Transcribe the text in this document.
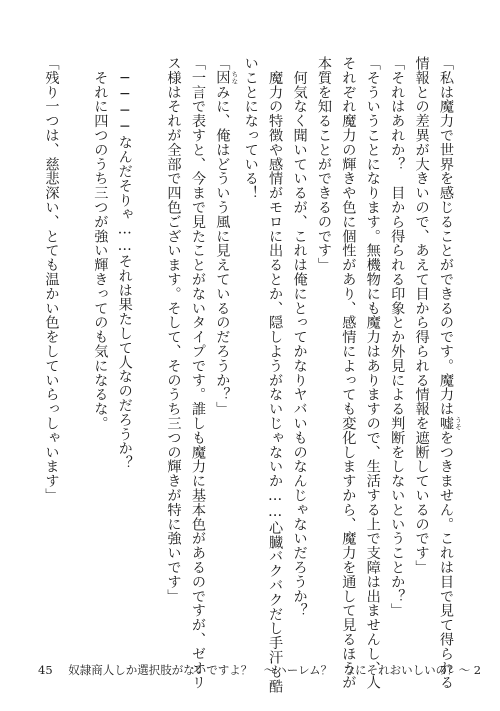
「私は魔力で世界を感じることができるのです。魔力は嘘 うそをつきません。これは目で見て得られる
情報との差異が大きいので、あえて目から得られる情報を遮断しているのです」
「それはあれか？　目から得られる印象とか外見による判断をしないということか？」
「そういうことになります。無機物にも魔力はありますので、生活する上で支障は出ませんし、人
それぞれ魔力の輝きや色に個性があり、感情によっても変化しますから、魔力を通して見るほうが
本質を知ることができるのです」
　何気なく聞いているが、これは俺にとってかなりヤバいものなんじゃないだろうか？
　魔力の特徴や感情がモロに出るとか、隠しようがないじゃないか……心臓バクバクだし手汗も酷
いことになっている！
「因 ちなみに、俺はどういう風に見えているのだろうか？」
「一言で表すと、今まで見たことがないタイプです。誰しも魔力に基本色があるのですが、ゼオリ
ス様はそれが全部で四色ございます。そして、そのうち三つの輝きが特に強いです」
　────なんだそりゃ……それは果たして人なのだろうか？
　それに四つのうち三つが強い輝きってのも気になるな。
「残り一つは、慈悲深い、とても温かい色をしていらっしゃいます」
45 奴隷商人しか選択肢がないですよ？　～ハーレム？　なにそれおいしいの？～ 2
